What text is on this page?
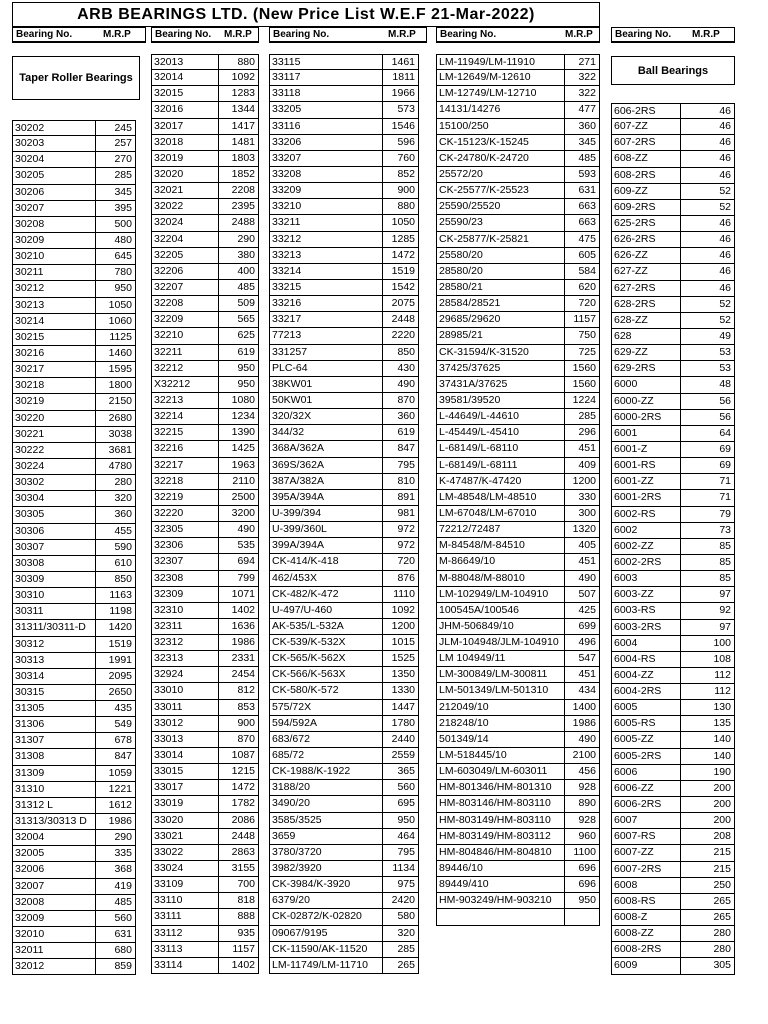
ARB BEARINGS LTD. (New Price List W.E.F 21-Mar-2022)
Bearing No.	M.R.P Bearing No. M.R.P Bearing No.	M.R.P Bearing No.	M.R.P Bearing No. M.R.P
Taper Roller Bearings
Ball Bearings
30202	245
30203	257
30204	270
30205	285
30206	345
30207	395
30208	500
30209	480
30210	645
30211	780
30212	950
30213	1050
30214	1060
30215	1125
30216	1460
30217	1595
30218	1800
30219	2150
30220	2680
30221	3038
30222	3681
30224	4780
30302	280
30304	320
30305	360
30306	455
30307	590
30308	610
30309	850
30310	1163
30311	1198
31311/30311-D 1420
30312	1519
30313	1991
30314	2095
30315	2650
31305	435
31306	549
31307	678
31308	847
31309	1059
31310	1221
31312 L	1612
31313/30313 D 1986
32004	290
32005	335
32006	368
32007	419
32008	485
32009	560
32010	631
32011	680
32012	859
32013	880
32014	1092
32015	1283
32016	1344
32017	1417
32018	1481
32019	1803
32020	1852
32021	2208
32022	2395
32024	2488
32204	290
32205	380
32206	400
32207	485
32208	509
32209	565
32210	625
32211	619
32212	950
X32212	950
32213	1080
32214	1234
32215	1390
32216	1425
32217	1963
32218	2110
32219	2500
32220	3200
32305	490
32306	535
32307	694
32308	799
32309	1071
32310	1402
32311	1636
32312	1986
32313	2331
32924	2454
33010	812
33011	853
33012	900
33013	870
33014	1087
33015	1215
33017	1472
33019	1782
33020	2086
33021	2448
33022	2863
33024	3155
33109	700
33110	818
33111	888
33112	935
33113	1157
33114	1402
33115	1461
33117	1811
33118	1966
33205	573
33116	1546
33206	596
33207	760
33208	852
33209	900
33210	880
33211	1050
33212	1285
33213	1472
33214	1519
33215	1542
33216	2075
33217	2448
77213	2220
331257	850
PLC-64	430
38KW01	490
50KW01	870
320/32X	360
344/32	619
368A/362A	847
369S/362A	795
387A/382A	810
395A/394A	891
U-399/394	981
U-399/360L	972
399A/394A	972
CK-414/K-418	720
462/453X	876
CK-482/K-472	1110
U-497/U-460	1092
AK-535/L-532A	1200
CK-539/K-532X	1015
CK-565/K-562X	1525
CK-566/K-563X	1350
CK-580/K-572	1330
575/72X	1447
594/592A	1780
683/672	2440
685/72	2559
CK-1988/K-1922	365
3188/20	560
3490/20	695
3585/3525	950
3659	464
3780/3720	795
3982/3920	1134
CK-3984/K-3920	975
6379/20	2420
CK-02872/K-02820	580
09067/9195	320
CK-11590/AK-11520	285
LM-11749/LM-11710	265
LM-11949/LM-11910	271
LM-12649/M-12610	322
LM-12749/LM-12710	322
14131/14276	477
15100/250	360
CK-15123/K-15245	345
CK-24780/K-24720	485
25572/20	593
CK-25577/K-25523	631
25590/25520	663
25590/23	663
CK-25877/K-25821	475
25580/20	605
28580/20	584
28580/21	620
28584/28521	720
29685/29620	1157
28985/21	750
CK-31594/K-31520	725
37425/37625	1560
37431A/37625	1560
39581/39520	1224
L-44649/L-44610	285
L-45449/L-45410	296
L-68149/L-68110	451
L-68149/L-68111	409
K-47487/K-47420	1200
LM-48548/LM-48510	330
LM-67048/LM-67010	300
72212/72487	1320
M-84548/M-84510	405
M-86649/10	451
M-88048/M-88010	490
LM-102949/LM-104910	507
100545A/100546	425
JHM-506849/10	699
JLM-104948/JLM-104910 496
LM 104949/11	547
LM-300849/LM-300811	451
LM-501349/LM-501310	434
212049/10	1400
218248/10	1986
501349/14	490
LM-518445/10	2100
LM-603049/LM-603011	456
HM-801346/HM-801310	928
HM-803146/HM-803110	890
HM-803149/HM-803110	928
HM-803149/HM-803112	960
HM-804846/HM-804810 1100
89446/10	696
89449/410	696
HM-903249/HM-903210	950
606-2RS	46
607-ZZ	46
607-2RS	46
608-ZZ	46
608-2RS	46
609-ZZ	52
609-2RS	52
625-2RS	46
626-2RS	46
626-ZZ	46
627-ZZ	46
627-2RS	46
628-2RS	52
628-ZZ	52
628	49
629-ZZ	53
629-2RS	53
6000	48
6000-ZZ	56
6000-2RS	56
6001	64
6001-Z	69
6001-RS	69
6001-ZZ	71
6001-2RS	71
6002-RS	79
6002	73
6002-ZZ	85
6002-2RS	85
6003	85
6003-ZZ	97
6003-RS	92
6003-2RS	97
6004	100
6004-RS	108
6004-ZZ	112
6004-2RS	112
6005	130
6005-RS	135
6005-ZZ	140
6005-2RS	140
6006	190
6006-ZZ	200
6006-2RS	200
6007	200
6007-RS	208
6007-ZZ	215
6007-2RS	215
6008	250
6008-RS	265
6008-Z	265
6008-ZZ	280
6008-2RS	280
6009	305
